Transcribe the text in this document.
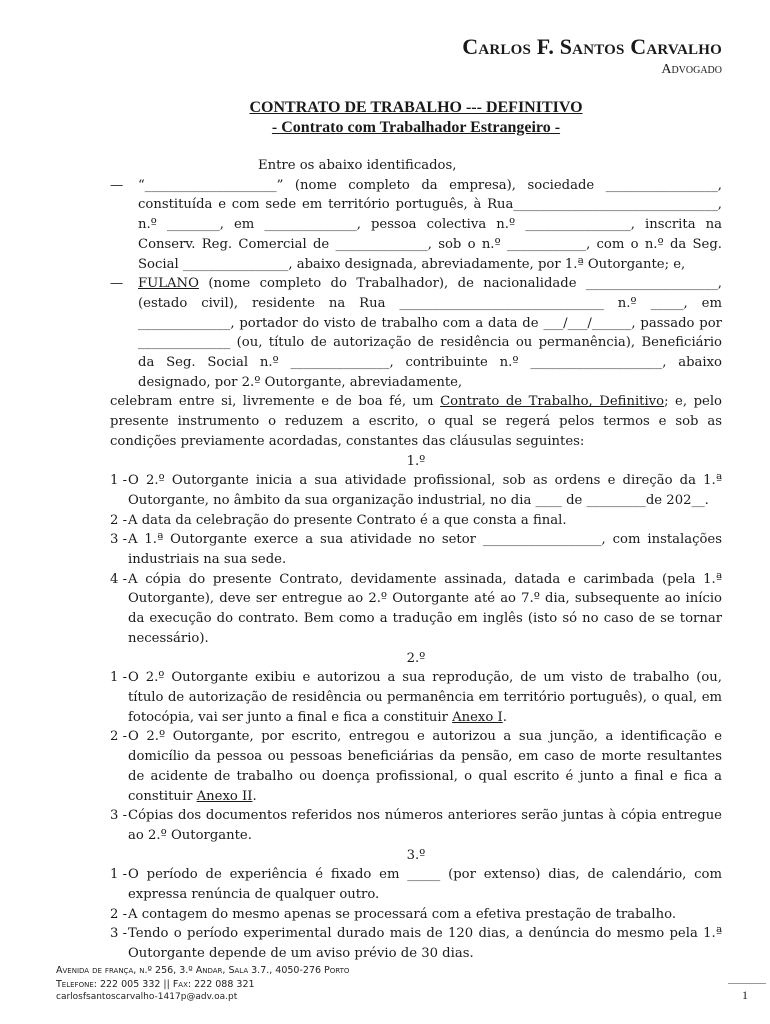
Carlos F. Santos Carvalho
Advogado
CONTRATO DE TRABALHO --- DEFINITIVO
- Contrato com Trabalhador Estrangeiro -

Entre os abaixo identificados,

— “____________________” (nome completo da empresa), sociedade _________________, constituída e com sede em território português, à Rua_______________________________, n.º ________, em ______________, pessoa colectiva n.º ________________, inscrita na Conserv. Reg. Comercial de ______________, sob o n.º ____________, com o n.º da Seg. Social ________________, abaixo designada, abreviadamente, por 1.ª Outorgante; e,

— FULANO (nome completo do Trabalhador), de nacionalidade ____________________, (estado civil), residente na Rua _______________________________ n.º _____, em ______________, portador do visto de trabalho com a data de ___/___/______, passado por ______________ (ou, título de autorização de residência ou permanência), Beneficiário da Seg. Social n.º _______________, contribuinte n.º ____________________, abaixo designado, por 2.º Outorgante, abreviadamente,

celebram entre si, livremente e de boa fé, um Contrato de Trabalho, Definitivo; e, pelo presente instrumento o reduzem a escrito, o qual se regerá pelos termos e sob as condições previamente acordadas, constantes das cláusulas seguintes:

1.º

1 - O 2.º Outorgante inicia a sua atividade profissional, sob as ordens e direção da 1.ª Outorgante, no âmbito da sua organização industrial, no dia ____ de _________de 202__.

2 - A data da celebração do presente Contrato é a que consta a final.

3 - A 1.ª Outorgante exerce a sua atividade no setor __________________, com instalações industriais na sua sede.

4 - A cópia do presente Contrato, devidamente assinada, datada e carimbada (pela 1.ª Outorgante), deve ser entregue ao 2.º Outorgante até ao 7.º dia, subsequente ao início da execução do contrato. Bem como a tradução em inglês (isto só no caso de se tornar necessário).

2.º

1 - O 2.º Outorgante exibiu e autorizou a sua reprodução, de um visto de trabalho (ou, título de autorização de residência ou permanência em território português), o qual, em fotocópia, vai ser junto a final e fica a constituir Anexo I.

2 - O 2.º Outorgante, por escrito, entregou e autorizou a sua junção, a identificação e domicílio da pessoa ou pessoas beneficiárias da pensão, em caso de morte resultantes de acidente de trabalho ou doença profissional, o qual escrito é junto a final e fica a constituir Anexo II.

3 - Cópias dos documentos referidos nos números anteriores serão juntas à cópia entregue ao 2.º Outorgante.

3.º

1 - O período de experiência é fixado em _____ (por extenso) dias, de calendário, com expressa renúncia de qualquer outro.

2 - A contagem do mesmo apenas se processará com a efetiva prestação de trabalho.

3 - Tendo o período experimental durado mais de 120 dias, a denúncia do mesmo pela 1.ª Outorgante depende de um aviso prévio de 30 dias.

Avenida de frança, n.º 256, 3.º Andar, Sala 3.7., 4050-276 Porto
Telefone: 222 005 332 || Fax: 222 088 321
carlosfsantoscarvalho-1417p@adv.oa.pt	1
